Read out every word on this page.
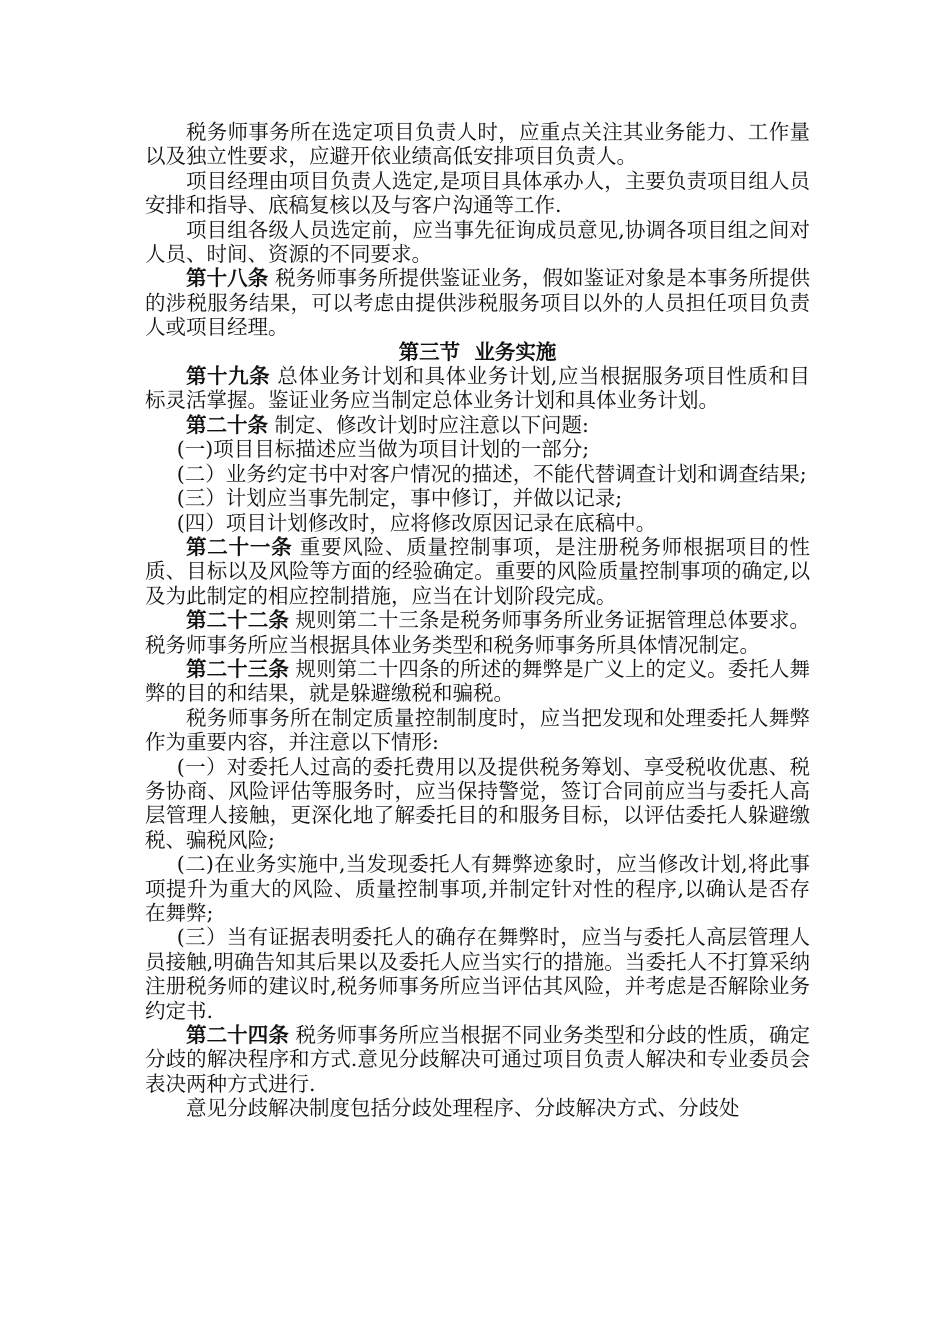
税务师事务所在选定项目负责人时，应重点关注其业务能力、工作量以及独立性要求，应避开依业绩高低安排项目负责人。

项目经理由项目负责人选定,是项目具体承办人，主要负责项目组人员安排和指导、底稿复核以及与客户沟通等工作.

项目组各级人员选定前，应当事先征询成员意见,协调各项目组之间对人员、时间、资源的不同要求。

第十八条 税务师事务所提供鉴证业务，假如鉴证对象是本事务所提供的涉税服务结果，可以考虑由提供涉税服务项目以外的人员担任项目负责人或项目经理。

第三节  业务实施

第十九条 总体业务计划和具体业务计划,应当根据服务项目性质和目标灵活掌握。鉴证业务应当制定总体业务计划和具体业务计划。

第二十条 制定、修改计划时应注意以下问题:

(一)项目目标描述应当做为项目计划的一部分;

(二）业务约定书中对客户情况的描述，不能代替调查计划和调查结果;

(三）计划应当事先制定，事中修订，并做以记录;

(四）项目计划修改时，应将修改原因记录在底稿中。

第二十一条 重要风险、质量控制事项，是注册税务师根据项目的性质、目标以及风险等方面的经验确定。重要的风险质量控制事项的确定,以及为此制定的相应控制措施，应当在计划阶段完成。

第二十二条 规则第二十三条是税务师事务所业务证据管理总体要求。税务师事务所应当根据具体业务类型和税务师事务所具体情况制定。

第二十三条 规则第二十四条的所述的舞弊是广义上的定义。委托人舞弊的目的和结果，就是躲避缴税和骗税。

税务师事务所在制定质量控制制度时，应当把发现和处理委托人舞弊作为重要内容，并注意以下情形:

(一）对委托人过高的委托费用以及提供税务筹划、享受税收优惠、税务协商、风险评估等服务时，应当保持警觉，签订合同前应当与委托人高层管理人接触，更深化地了解委托目的和服务目标，以评估委托人躲避缴税、骗税风险;

(二)在业务实施中,当发现委托人有舞弊迹象时，应当修改计划,将此事项提升为重大的风险、质量控制事项,并制定针对性的程序,以确认是否存在舞弊;

(三）当有证据表明委托人的确存在舞弊时，应当与委托人高层管理人员接触,明确告知其后果以及委托人应当实行的措施。当委托人不打算采纳注册税务师的建议时,税务师事务所应当评估其风险，并考虑是否解除业务约定书.

第二十四条 税务师事务所应当根据不同业务类型和分歧的性质，确定分歧的解决程序和方式.意见分歧解决可通过项目负责人解决和专业委员会表决两种方式进行.

意见分歧解决制度包括分歧处理程序、分歧解决方式、分歧处
